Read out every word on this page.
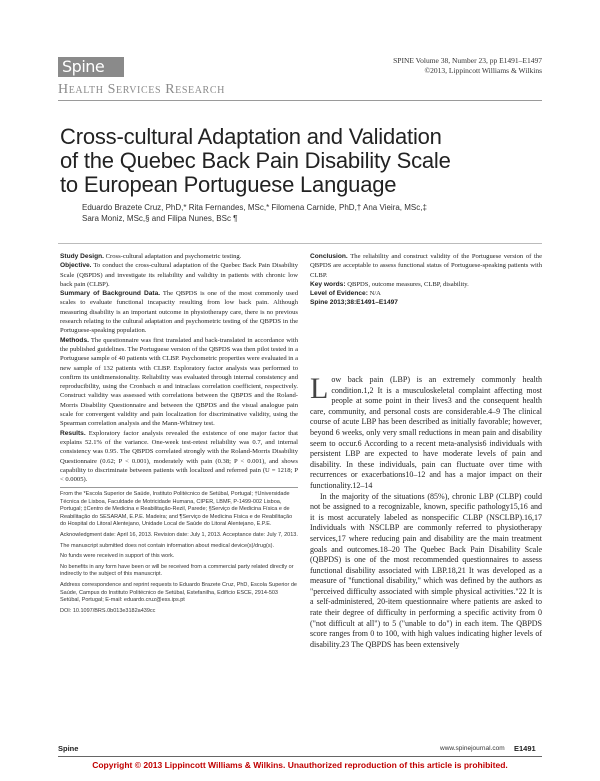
Spine	SPINE Volume 38, Number 23, pp E1491–E1497
©2013, Lippincott Williams & Wilkins
Health Services Research
Cross-cultural Adaptation and Validation of the Quebec Back Pain Disability Scale to European Portuguese Language
Eduardo Brazete Cruz, PhD,* Rita Fernandes, MSc,* Filomena Carnide, PhD,† Ana Vieira, MSc,‡ Sara Moniz, MSc,§ and Filipa Nunes, BSc ¶

Study Design. Cross-cultural adaptation and psychometric testing.

Objective. To conduct the cross-cultural adaptation of the Quebec Back Pain Disability Scale (QBPDS) and investigate its reliability and validity in patients with chronic low back pain (CLBP).

Summary of Background Data. The QBPDS is one of the most commonly used scales to evaluate functional incapacity resulting from low back pain. Although measuring disability is an important outcome in physiotherapy care, there is no previous research relating to the cultural adaptation and psychometric testing of the QBPDS in the Portuguese-speaking population.

Methods. The questionnaire was first translated and back-translated in accordance with the published guidelines. The Portuguese version of the QBPDS was then pilot tested in a Portuguese sample of 40 patients with CLBP. Psychometric properties were evaluated in a new sample of 132 patients with CLBP. Exploratory factor analysis was performed to confirm its unidimensionality. Reliability was evaluated through internal consistency and reproducibility, using the Cronbach α and intraclass correlation coefficient, respectively. Construct validity was assessed with correlations between the QBPDS and the Roland-Morris Disability Questionnaire and between the QBPDS and the visual analogue pain scale for convergent validity and pain localization for discriminative validity, using the Spearman correlation analysis and the Mann-Whitney test.

Results. Exploratory factor analysis revealed the existence of one major factor that explains 52.1% of the variance. One-week test-retest reliability was 0.7, and internal consistency was 0.95. The QBPDS correlated strongly with the Roland-Morris Disability Questionnaire (0.62; P < 0.001), moderately with pain (0.38; P < 0.001), and shows capability to discriminate between patients with localized and referred pain (U = 1218; P < 0.0005).

Conclusion. The reliability and construct validity of the Portuguese version of the QBPDS are acceptable to assess functional status of Portuguese-speaking patients with CLBP.

Key words: QBPDS, outcome measures, CLBP, disability.

Level of Evidence: N/A

Spine 2013;38:E1491–E1497

From the *Escola Superior de Saúde, Instituto Politécnico de Setúbal, Portugal; †Universidade Técnica de Lisboa, Faculdade de Motricidade Humana, CIPER, LBMF, P-1499-002 Lisboa, Portugal; ‡Centro de Medicina e Reabilitação-Rezil, Parede; §Serviço de Medicina Física e de Reabilitação do SESARAM, E.P.E. Madeira; and ¶Serviço de Medicina Física e de Reabilitação do Hospital do Litoral Alentejano, Unidade Local de Saúde do Litoral Alentejano, E.P.E.

Acknowledgment date: April 16, 2013. Revision date: July 1, 2013. Acceptance date: July 7, 2013.

The manuscript submitted does not contain information about medical device(s)/drug(s).

No funds were received in support of this work.

No benefits in any form have been or will be received from a commercial party related directly or indirectly to the subject of this manuscript.

Address correspondence and reprint requests to Eduardo Brazete Cruz, PhD, Escola Superior de Saúde, Campus do Instituto Politécnico de Setúbal, Estefanilha, Edifício ESCE, 2914-503 Setúbal, Portugal; E-mail: eduardo.cruz@ess.ips.pt

DOI: 10.1097/BRS.0b013e3182a439cc

Low back pain (LBP) is an extremely commonly health condition.1,2 It is a musculoskeletal complaint affecting most people at some point in their lives3 and the consequent health care, community, and personal costs are considerable.4–9 The clinical course of acute LBP has been described as initially favorable; however, beyond 6 weeks, only very small reductions in mean pain and disability seem to occur.6 According to a recent meta-analysis6 individuals with persistent LBP are expected to have moderate levels of pain and disability. In these individuals, pain can fluctuate over time with recurrences or exacerbations10–12 and has a major impact on their functionality.12–14

In the majority of the situations (85%), chronic LBP (CLBP) could not be assigned to a recognizable, known, specific pathology15,16 and it is most accurately labeled as nonspecific CLBP (NSCLBP).16,17 Individuals with NSCLBP are commonly referred to physiotherapy services,17 where reducing pain and disability are the main treatment goals and outcomes.18–20 The Quebec Back Pain Disability Scale (QBPDS) is one of the most recommended questionnaires to assess functional disability associated with LBP.18,21 It was developed as a measure of "functional disability," which was defined by the authors as "perceived difficulty associated with simple physical activities."22 It is a self-administered, 20-item questionnaire where patients are asked to rate their degree of difficulty in performing a specific activity from 0 ("not difficult at all") to 5 ("unable to do") in each item. The QBPDS score ranges from 0 to 100, with high values indicating higher levels of disability.23 The QBPDS has been extensively

Spine	www.spinejournal.com E1491
Copyright © 2013 Lippincott Williams & Wilkins. Unauthorized reproduction of this article is prohibited.
